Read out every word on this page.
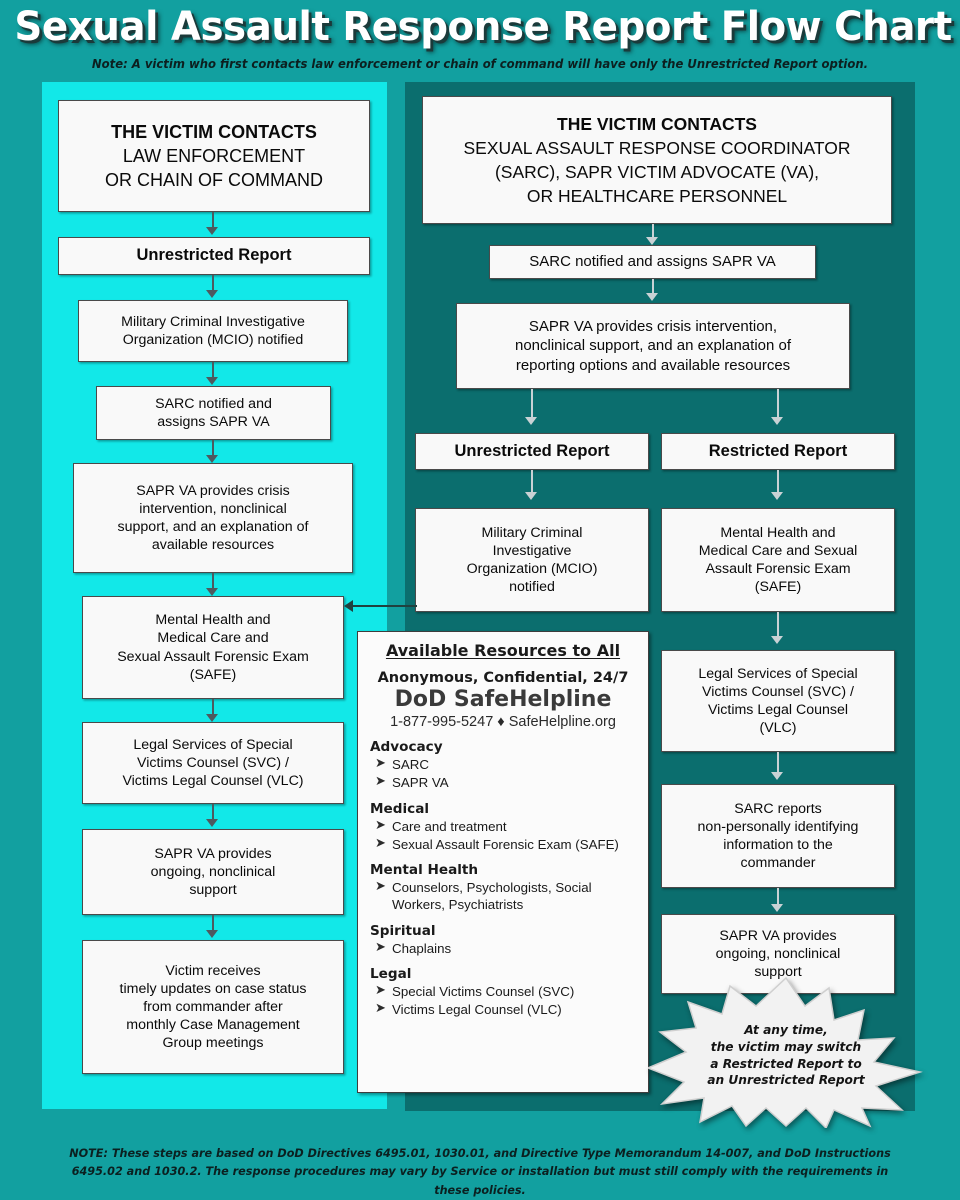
Sexual Assault Response Report Flow Chart
Note: A victim who first contacts law enforcement or chain of command will have only the Unrestricted Report option.
THE VICTIM CONTACTS
LAW ENFORCEMENT
OR CHAIN OF COMMAND
Unrestricted Report
Military Criminal Investigative
Organization (MCIO) notified
SARC notified and
assigns SAPR VA
SAPR VA provides crisis
intervention, nonclinical
support, and an explanation of
available resources
Mental Health and
Medical Care and
Sexual Assault Forensic Exam
(SAFE)
Legal Services of Special
Victims Counsel (SVC) /
Victims Legal Counsel (VLC)
SAPR VA provides
ongoing, nonclinical
support
Victim receives
timely updates on case status
from commander after
monthly Case Management
Group meetings
THE VICTIM CONTACTS
SEXUAL ASSAULT RESPONSE COORDINATOR
(SARC), SAPR VICTIM ADVOCATE (VA),
OR HEALTHCARE PERSONNEL
SARC notified and assigns SAPR VA
SAPR VA provides crisis intervention,
nonclinical support, and an explanation of
reporting options and available resources
Unrestricted Report	Restricted Report
Military Criminal
Investigative
Organization (MCIO)
notified
Mental Health and
Medical Care and Sexual
Assault Forensic Exam
(SAFE)
Legal Services of Special
Victims Counsel (SVC) /
Victims Legal Counsel
(VLC)
SARC reports
non-personally identifying
information to the
commander
SAPR VA provides
ongoing, nonclinical
support
Available Resources to All
Anonymous, Confidential, 24/7
DoD SafeHelpline
1-877-995-5247 ♦ SafeHelpline.org
Advocacy
➤ SARC
➤ SAPR VA
Medical
➤ Care and treatment
➤ Sexual Assault Forensic Exam (SAFE)
Mental Health
➤ Counselors, Psychologists, Social Workers, Psychiatrists
Spiritual
➤ Chaplains
Legal
➤ Special Victims Counsel (SVC)
➤ Victims Legal Counsel (VLC)
At any time,
the victim may switch
a Restricted Report to
an Unrestricted Report
NOTE: These steps are based on DoD Directives 6495.01, 1030.01, and Directive Type Memorandum 14-007, and DoD Instructions 6495.02 and 1030.2. The response procedures may vary by Service or installation but must still comply with the requirements in these policies.
